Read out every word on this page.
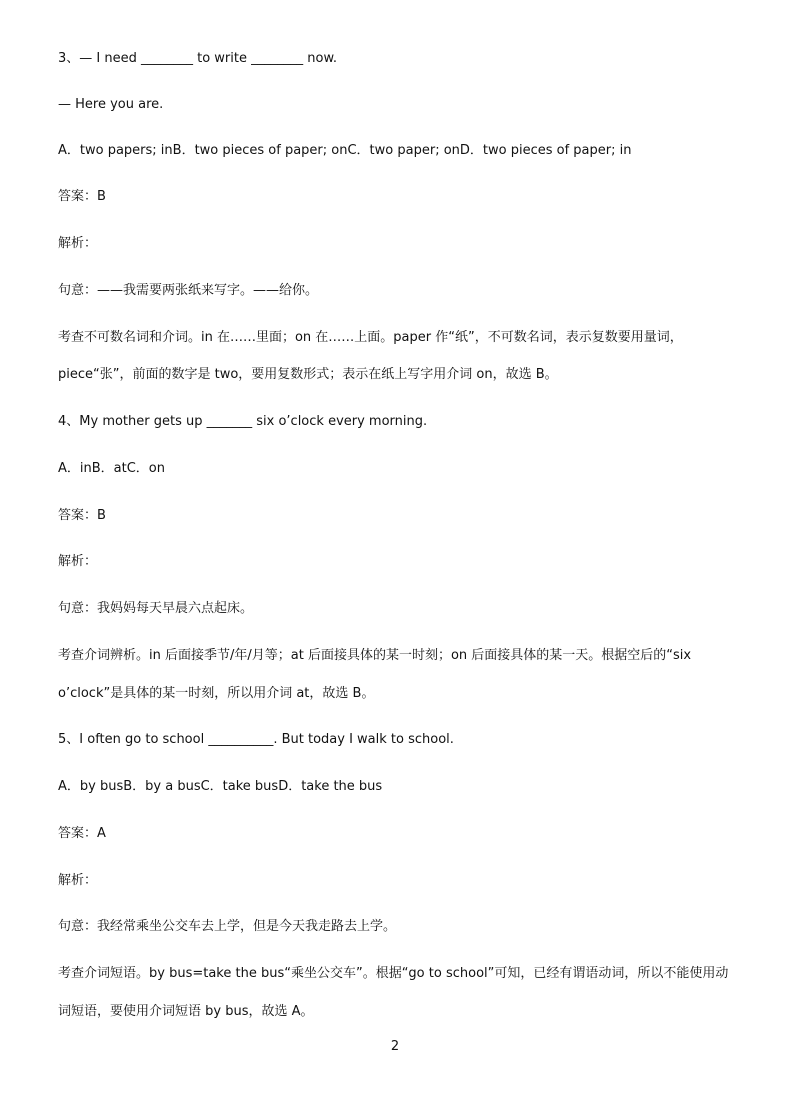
3、— I need ________ to write ________ now.

— Here you are.

A．two papers; inB．two pieces of paper; onC．two paper; onD．two pieces of paper; in

答案：B

解析：

句意：——我需要两张纸来写字。——给你。

考查不可数名词和介词。in 在……里面；on 在……上面。paper 作“纸”，不可数名词，表示复数要用量词，

piece“张”，前面的数字是 two，要用复数形式；表示在纸上写字用介词 on，故选 B。

4、My mother gets up _______ six o’clock every morning.

A．inB．atC．on

答案：B

解析：

句意：我妈妈每天早晨六点起床。

考查介词辨析。in 后面接季节/年/月等；at 后面接具体的某一时刻；on 后面接具体的某一天。根据空后的“six

o’clock”是具体的某一时刻，所以用介词 at，故选 B。

5、I often go to school __________. But today I walk to school.

A．by busB．by a busC．take busD．take the bus

答案：A

解析：

句意：我经常乘坐公交车去上学，但是今天我走路去上学。

考查介词短语。by bus=take the bus“乘坐公交车”。根据“go to school”可知，已经有谓语动词，所以不能使用动

词短语，要使用介词短语 by bus，故选 A。

2
